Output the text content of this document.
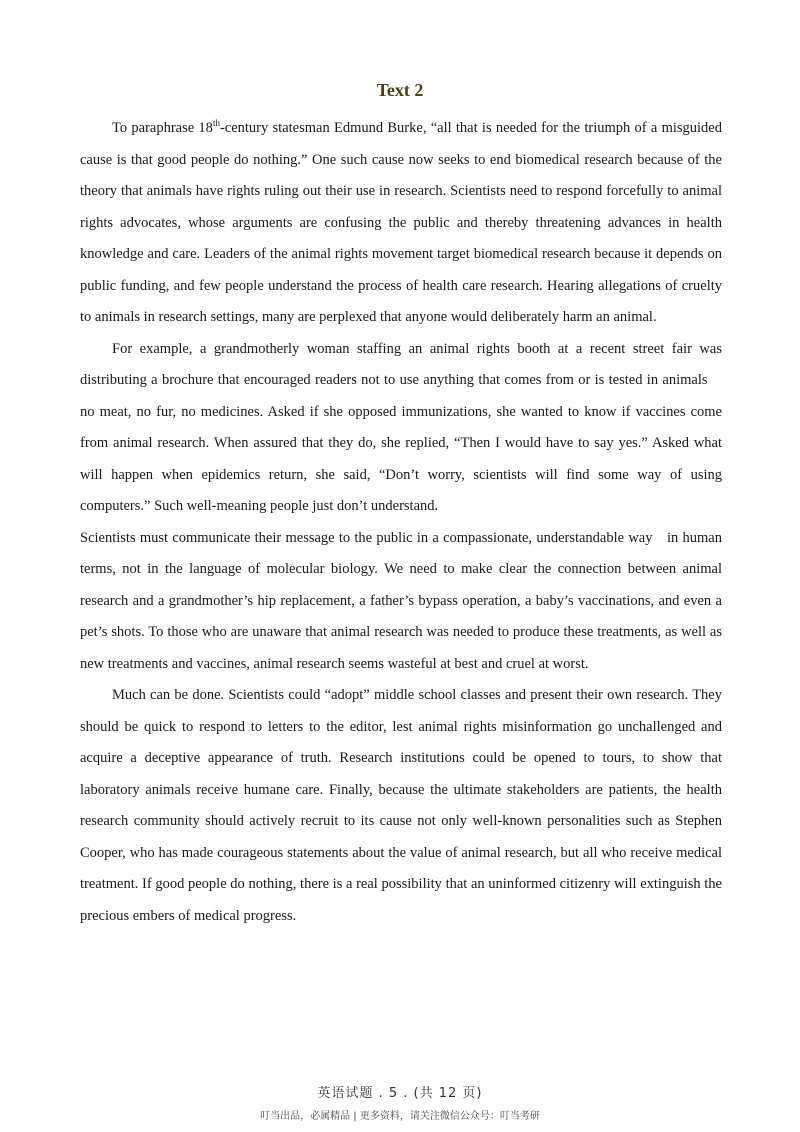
Text 2

To paraphrase 18th-century statesman Edmund Burke, “all that is needed for the triumph of a misguided cause is that good people do nothing.” One such cause now seeks to end biomedical research because of the theory that animals have rights ruling out their use in research. Scientists need to respond forcefully to animal rights advocates, whose arguments are confusing the public and thereby threatening advances in health knowledge and care. Leaders of the animal rights movement target biomedical research because it depends on public funding, and few people understand the process of health care research. Hearing allegations of cruelty to animals in research settings, many are perplexed that anyone would deliberately harm an animal.

For example, a grandmotherly woman staffing an animal rights booth at a recent street fair was distributing a brochure that encouraged readers not to use anything that comes from or is tested in animals no meat, no fur, no medicines. Asked if she opposed immunizations, she wanted to know if vaccines come from animal research. When assured that they do, she replied, “Then I would have to say yes.” Asked what will happen when epidemics return, she said, “Don’t worry, scientists will find some way of using computers.” Such well-meaning people just don’t understand.

Scientists must communicate their message to the public in a compassionate, understandable way in human terms, not in the language of molecular biology. We need to make clear the connection between animal research and a grandmother’s hip replacement, a father’s bypass operation, a baby’s vaccinations, and even a pet’s shots. To those who are unaware that animal research was needed to produce these treatments, as well as new treatments and vaccines, animal research seems wasteful at best and cruel at worst.

Much can be done. Scientists could “adopt” middle school classes and present their own research. They should be quick to respond to letters to the editor, lest animal rights misinformation go unchallenged and acquire a deceptive appearance of truth. Research institutions could be opened to tours, to show that laboratory animals receive humane care. Finally, because the ultimate stakeholders are patients, the health research community should actively recruit to its cause not only well-known personalities such as Stephen Cooper, who has made courageous statements about the value of animal research, but all who receive medical treatment. If good people do nothing, there is a real possibility that an uninformed citizenry will extinguish the precious embers of medical progress.

英语试题 . 5 . (共 12 页)
叮当出品，必属精品 | 更多资料，请关注微信公众号：叮当考研
